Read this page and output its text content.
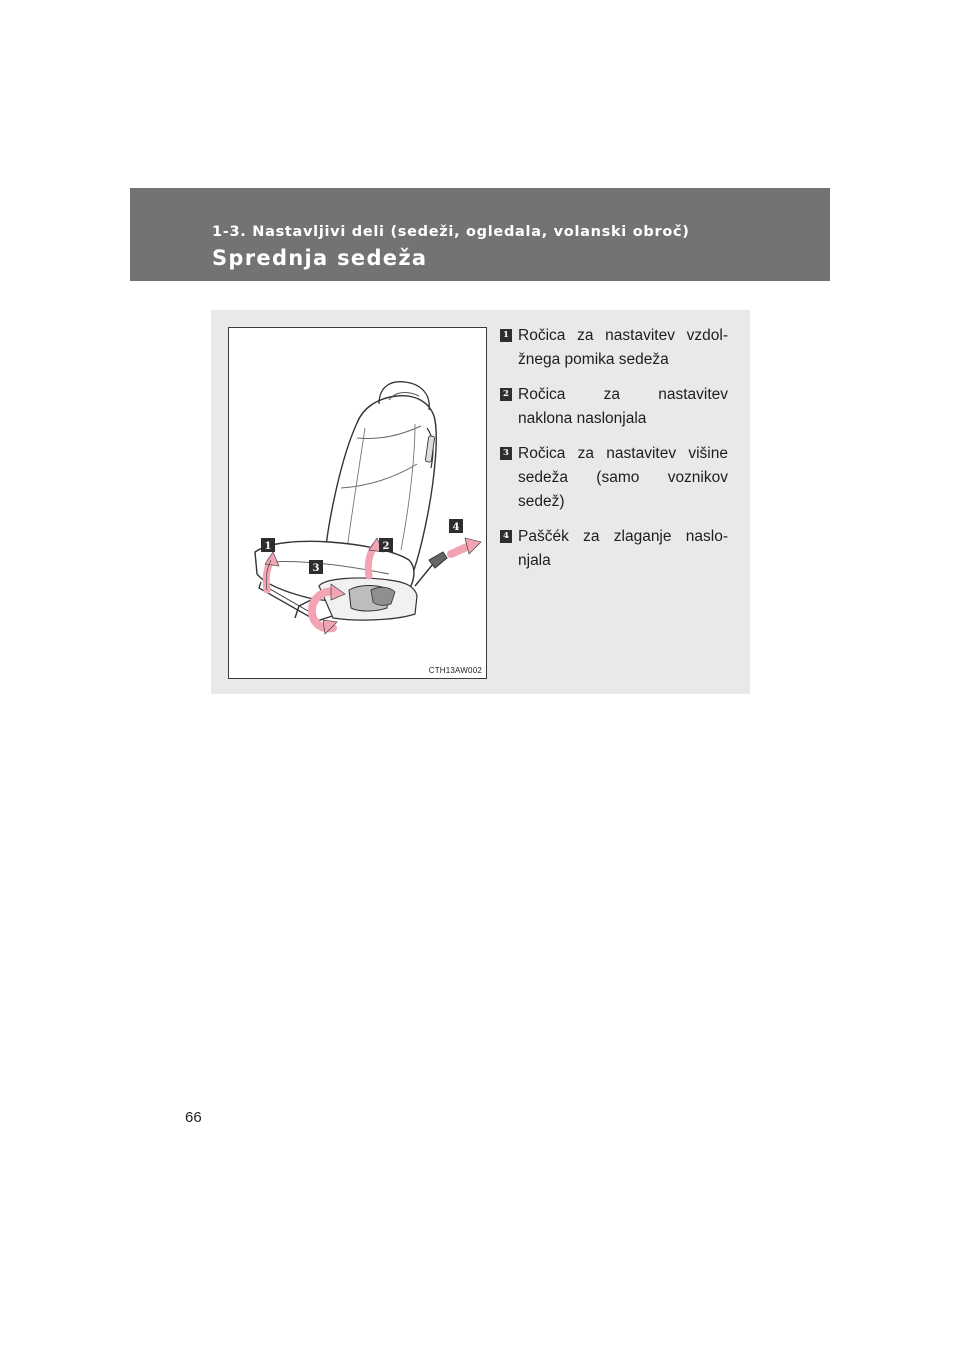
1-3. Nastavljivi deli (sedeži, ogledala, volanski obroč)
Sprednja sedeža
1	2
3
4
CTH13AW002
1 Ročica za nastavitev vzdol-
žnega pomika sedeža
2 Ročica za nastavitev
naklona naslonjala
3 Ročica za nastavitev višine
sedeža (samo voznikov
sedež)
4 Paščék za zlaganje naslo-
njala
66
